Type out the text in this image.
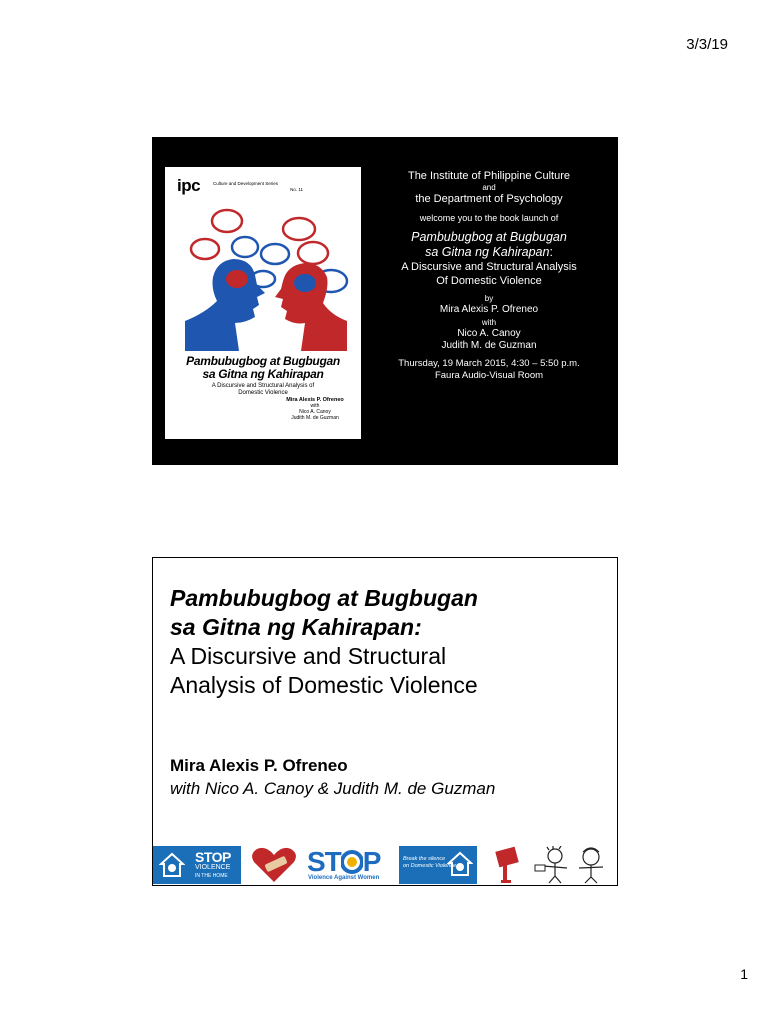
3/3/19
ipc	Culture and Development Series
No. 11
Pambubugbog at Bugbugan
sa Gitna ng Kahirapan
A Discursive and Structural Analysis of
Domestic Violence
Mira Alexis P. Ofreneo
with
Nico A. Canoy
Judith M. de Guzman
The Institute of Philippine Culture
and
the Department of Psychology
welcome you to the book launch of
Pambubugbog at Bugbugan
sa Gitna ng Kahirapan:
A Discursive and Structural Analysis
Of Domestic Violence
by
Mira Alexis P. Ofreneo
with
Nico A. Canoy
Judith M. de Guzman
Thursday, 19 March 2015, 4:30 – 5:50 p.m.
Faura Audio-Visual Room
Pambubugbog at Bugbugan
sa Gitna ng Kahirapan:
A Discursive and Structural
Analysis of Domestic Violence
Mira Alexis P. Ofreneo
with Nico A. Canoy & Judith M. de Guzman
STOP
VIOLENCE
IN THE HOME	ST P
Violence Against Women
Break the silence
on Domestic Violence
1
